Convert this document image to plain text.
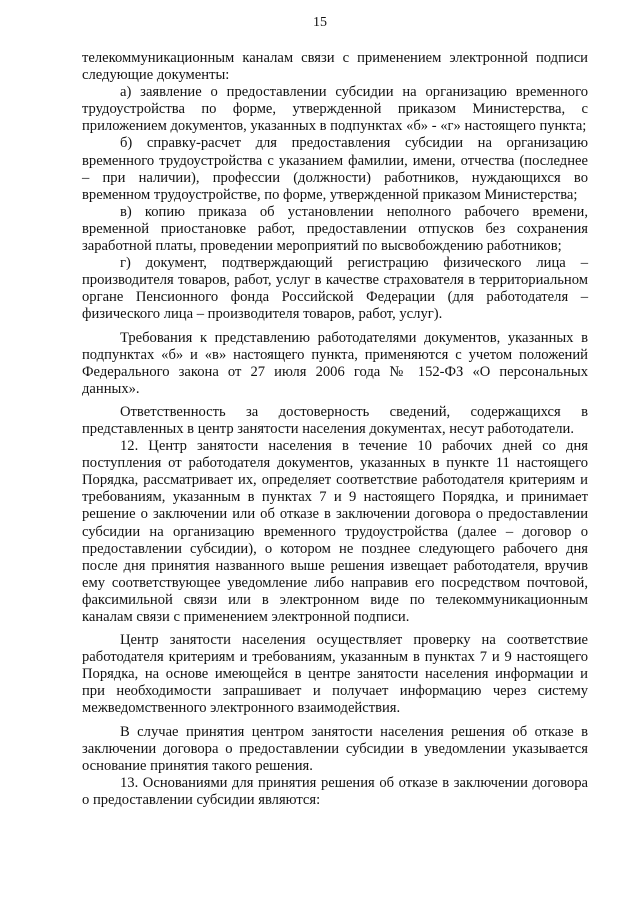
15

телекоммуникационным каналам связи с применением электронной подписи следующие документы:

а) заявление о предоставлении субсидии на организацию временного трудоустройства по форме, утвержденной приказом Министерства, с приложением документов, указанных в подпунктах «б» - «г» настоящего пункта;

б) справку-расчет для предоставления субсидии на организацию временного трудоустройства с указанием фамилии, имени, отчества (последнее – при наличии), профессии (должности) работников, нуждающихся во временном трудоустройстве, по форме, утвержденной приказом Министерства;

в) копию приказа об установлении неполного рабочего времени, временной приостановке работ, предоставлении отпусков без сохранения заработной платы, проведении мероприятий по высвобождению работников;

г) документ, подтверждающий регистрацию физического лица – производителя товаров, работ, услуг в качестве страхователя в территориальном органе Пенсионного фонда Российской Федерации (для работодателя – физического лица – производителя товаров, работ, услуг).

Требования к представлению работодателями документов, указанных в подпунктах «б» и «в» настоящего пункта, применяются с учетом положений Федерального закона от 27 июля 2006 года № 152-ФЗ «О персональных данных».

Ответственность за достоверность сведений, содержащихся в представленных в центр занятости населения документах, несут работодатели.

12. Центр занятости населения в течение 10 рабочих дней со дня поступления от работодателя документов, указанных в пункте 11 настоящего Порядка, рассматривает их, определяет соответствие работодателя критериям и требованиям, указанным в пунктах 7 и 9 настоящего Порядка, и принимает решение о заключении или об отказе в заключении договора о предоставлении субсидии на организацию временного трудоустройства (далее – договор о предоставлении субсидии), о котором не позднее следующего рабочего дня после дня принятия названного выше решения извещает работодателя, вручив ему соответствующее уведомление либо направив его посредством почтовой, факсимильной связи или в электронном виде по телекоммуникационным каналам связи с применением электронной подписи.

Центр занятости населения осуществляет проверку на соответствие работодателя критериям и требованиям, указанным в пунктах 7 и 9 настоящего Порядка, на основе имеющейся в центре занятости населения информации и при необходимости запрашивает и получает информацию через систему межведомственного электронного взаимодействия.

В случае принятия центром занятости населения решения об отказе в заключении договора о предоставлении субсидии в уведомлении указывается основание принятия такого решения.

13. Основаниями для принятия решения об отказе в заключении договора о предоставлении субсидии являются:
